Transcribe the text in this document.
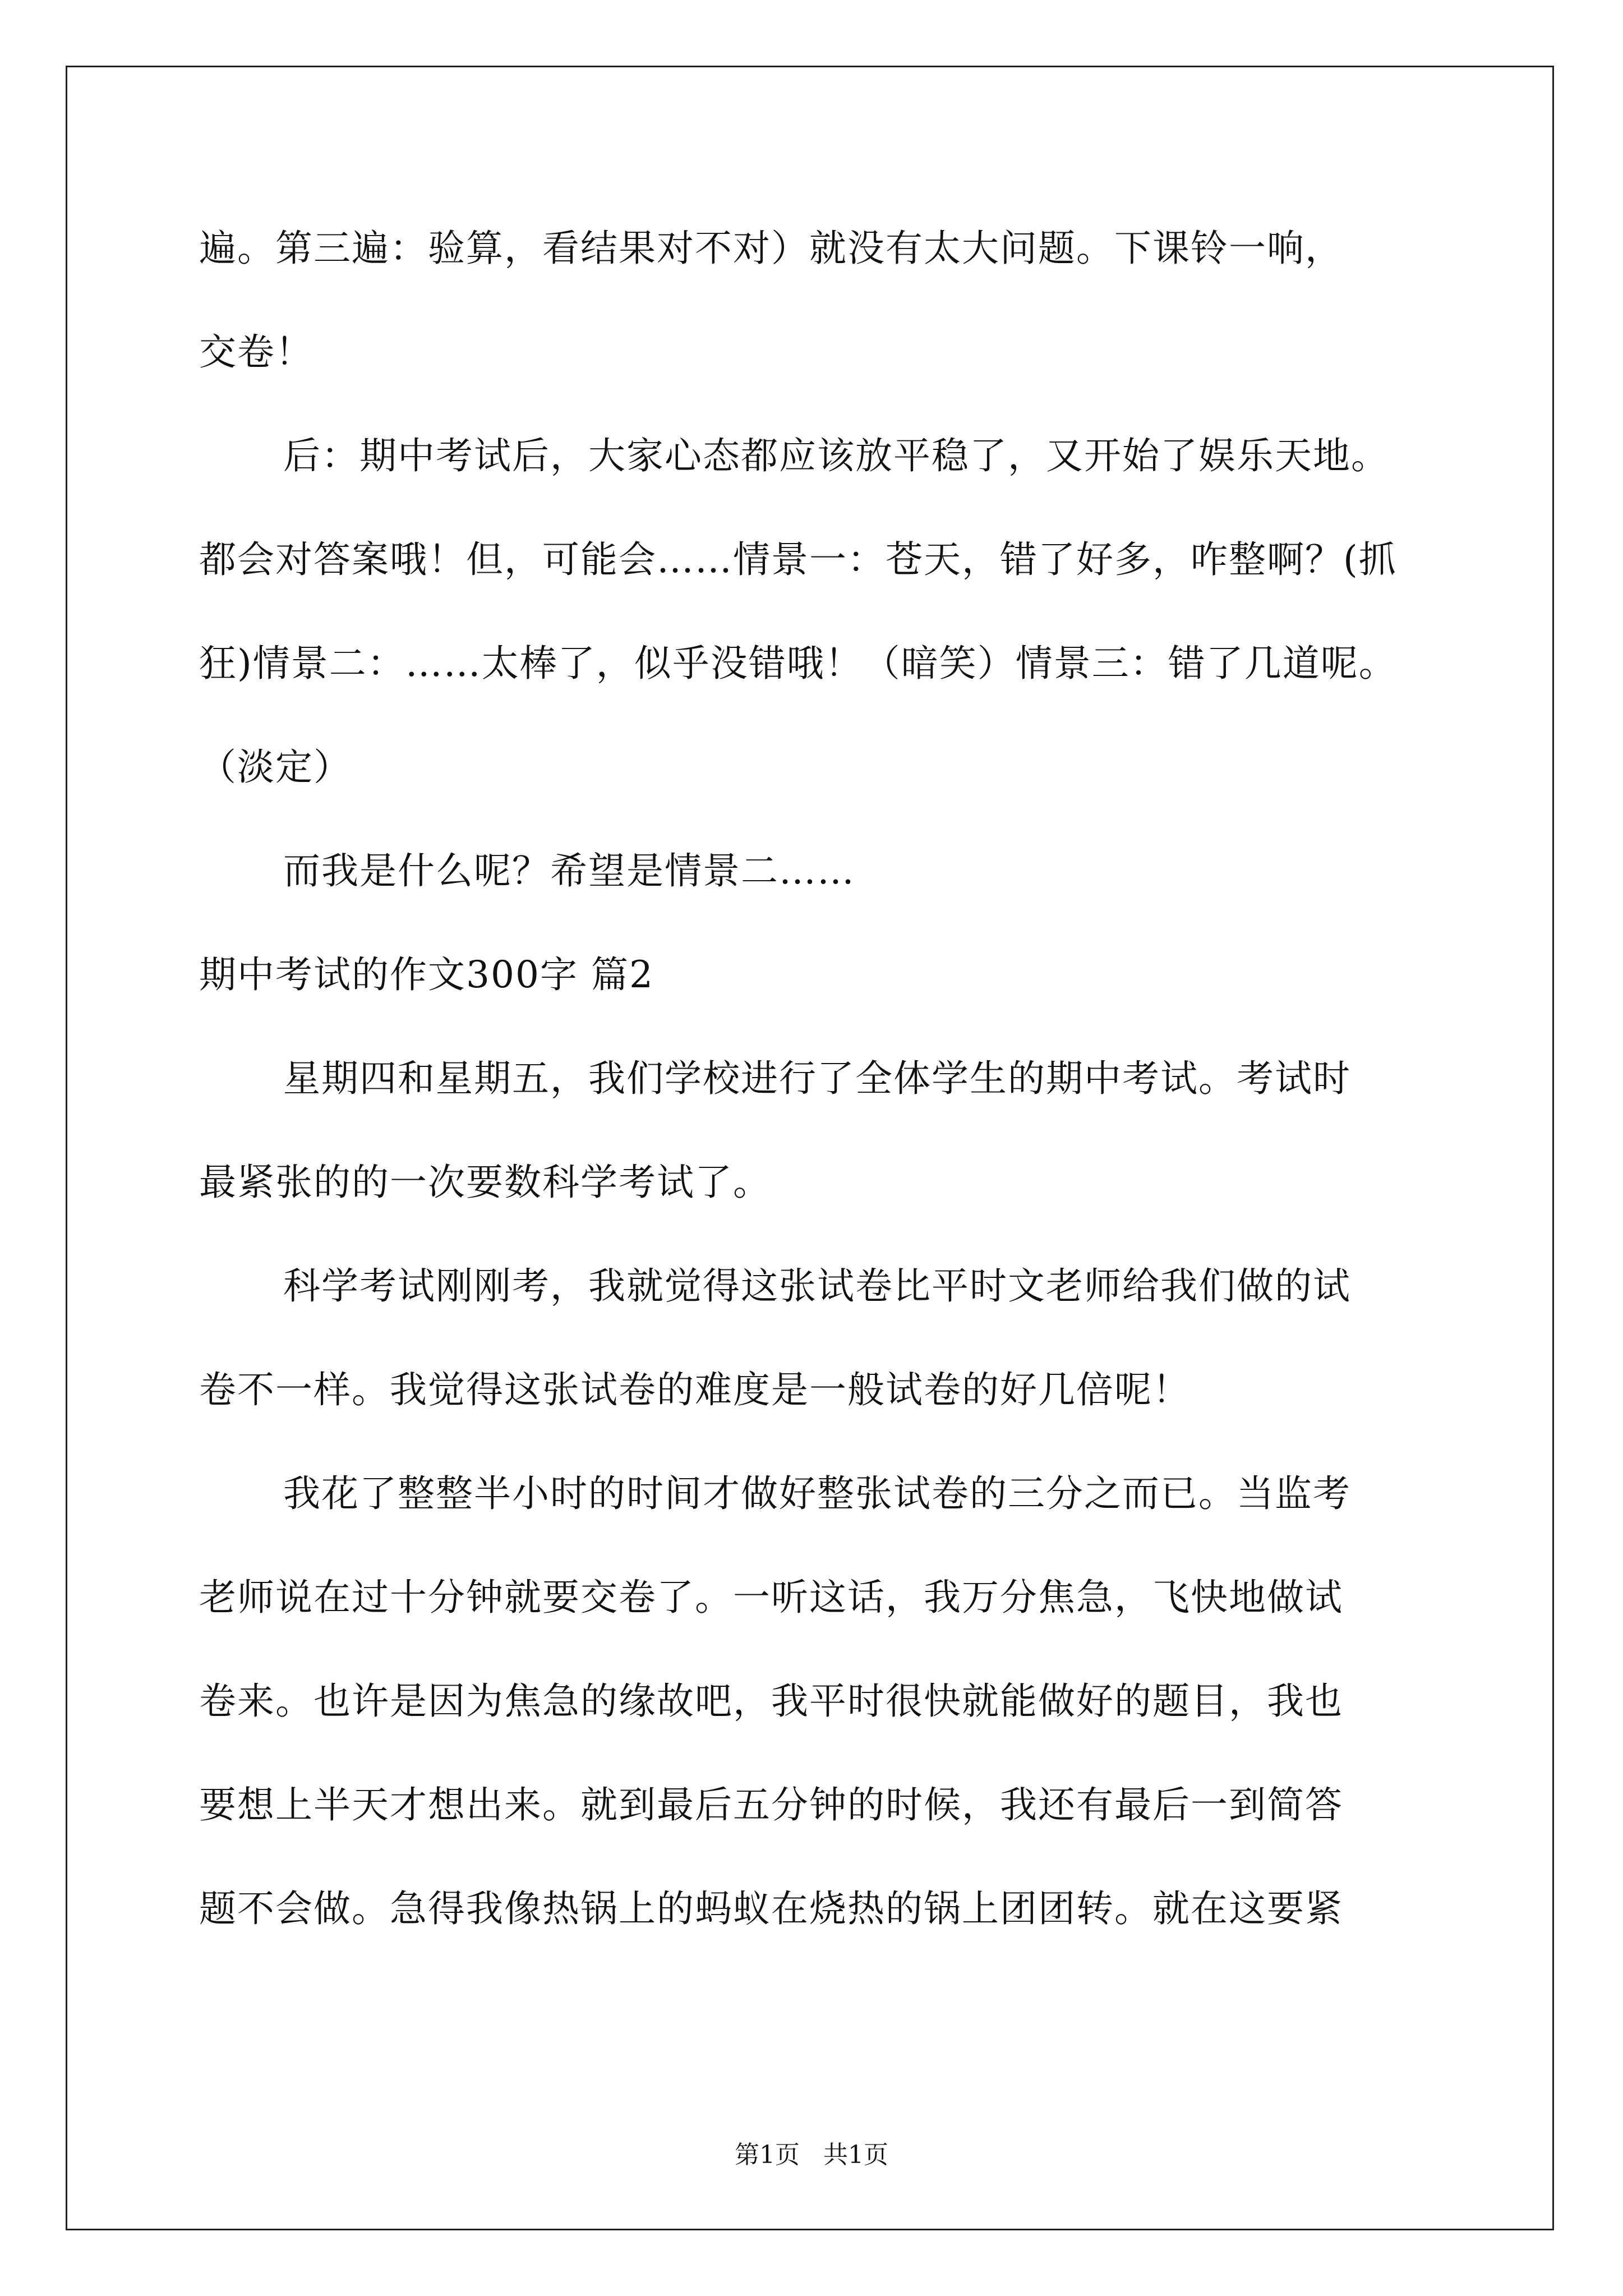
遍。第三遍：验算，看结果对不对）就没有太大问题。下课铃一响，
交卷！
后：期中考试后，大家心态都应该放平稳了，又开始了娱乐天地。
都会对答案哦！但，可能会……情景一：苍天，错了好多，咋整啊？(抓
狂)情景二：……太棒了，似乎没错哦！（暗笑）情景三：错了几道呢。
（淡定）
而我是什么呢？希望是情景二……
期中考试的作文300字 篇2
星期四和星期五，我们学校进行了全体学生的期中考试。考试时
最紧张的的一次要数科学考试了。
科学考试刚刚考，我就觉得这张试卷比平时文老师给我们做的试
卷不一样。我觉得这张试卷的难度是一般试卷的好几倍呢！
我花了整整半小时的时间才做好整张试卷的三分之而已。当监考
老师说在过十分钟就要交卷了。一听这话，我万分焦急，飞快地做试
卷来。也许是因为焦急的缘故吧，我平时很快就能做好的题目，我也
要想上半天才想出来。就到最后五分钟的时候，我还有最后一到简答
题不会做。急得我像热锅上的蚂蚁在烧热的锅上团团转。就在这要紧
第1页   共1页
